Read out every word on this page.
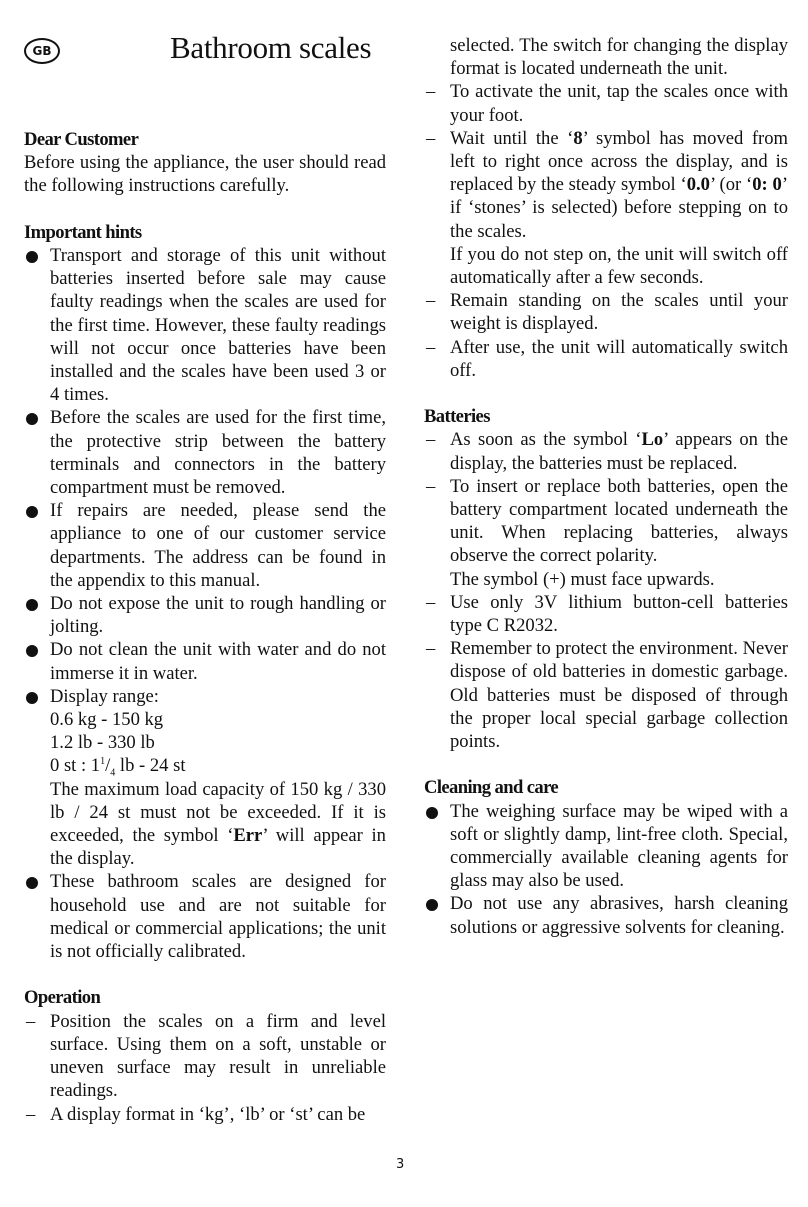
GB	Bathroom scales

Dear Customer

Before using the appliance, the user should read the following instructions carefully.

Important hints

Transport and storage of this unit without batteries inserted before sale may cause faulty readings when the scales are used for the first time. However, these faulty readings will not occur once batteries have been installed and the scales have been used 3 or 4 times.
Before the scales are used for the first time, the protective strip between the battery terminals and connectors in the battery compartment must be removed.
If repairs are needed, please send the appliance to one of our customer service departments. The address can be found in the appendix to this manual.
Do not expose the unit to rough handling or jolting.
Do not clean the unit with water and do not immerse it in water.
Display range:
0.6 kg - 150 kg
1.2 lb - 330 lb
0 st : $1^1/_4$ lb - 24 st
The maximum load capacity of 150 kg / 330 lb / 24 st must not be exceeded. If it is exceeded, the symbol ‘Err’ will appear in the display.
These bathroom scales are designed for household use and are not suitable for medical or commercial applications; the unit is not officially calibrated.

Operation

– Position the scales on a firm and level surface. Using them on a soft, unstable or uneven surface may result in unreliable readings.
– A display format in ‘kg’, ‘lb’ or ‘st’ can be
selected. The switch for changing the display format is located underneath the unit.
– To activate the unit, tap the scales once with your foot.
– Wait until the ‘8’ symbol has moved from left to right once across the display, and is replaced by the steady symbol ‘0.0’ (or ‘0: 0’ if ‘stones’ is selected) before stepping on to the scales.
If you do not step on, the unit will switch off automatically after a few seconds.
– Remain standing on the scales until your weight is displayed.
– After use, the unit will automatically switch off.

Batteries

– As soon as the symbol ‘Lo’ appears on the display, the batteries must be replaced.
– To insert or replace both batteries, open the battery compartment located underneath the unit. When replacing batteries, always observe the correct polarity.
The symbol (+) must face upwards.
– Use only 3V lithium button-cell batteries type C R2032.
– Remember to protect the environment. Never dispose of old batteries in domestic garbage. Old batteries must be disposed of through the proper local special garbage collection points.

Cleaning and care

The weighing surface may be wiped with a soft or slightly damp, lint-free cloth. Special, commercially available cleaning agents for glass may also be used.
Do not use any abrasives, harsh cleaning solutions or aggressive solvents for cleaning.
3
